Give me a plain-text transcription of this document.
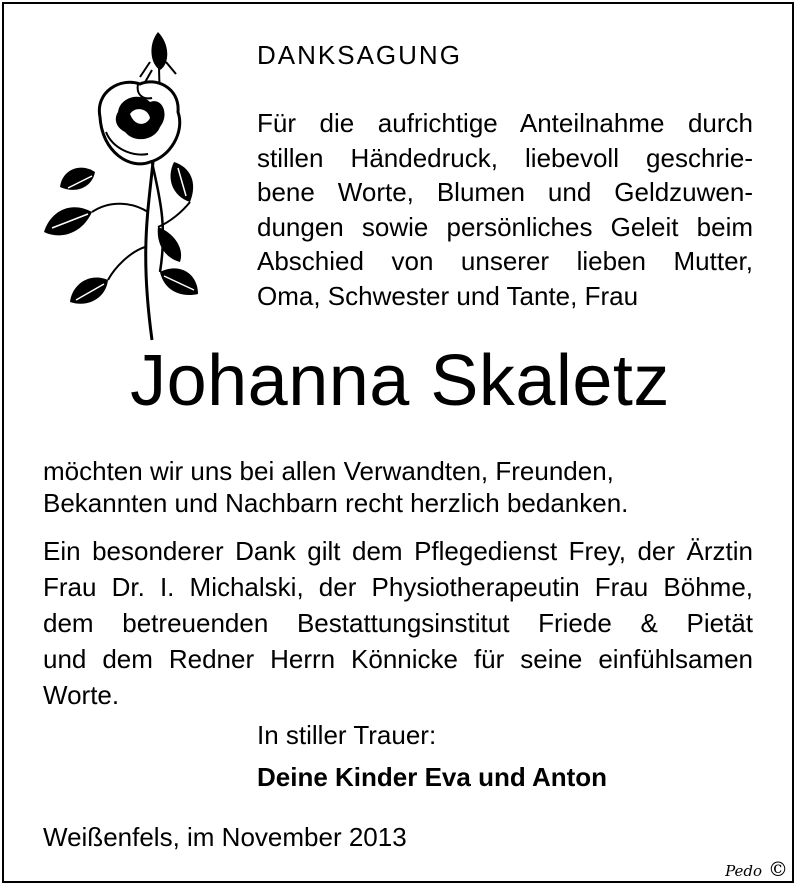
DANKSAGUNG
Für die aufrichtige Anteilnahme durch
stillen Händedruck, liebevoll geschrie-
bene Worte, Blumen und Geldzuwen-
dungen sowie persönliches Geleit beim
Abschied von unserer lieben Mutter,
Oma, Schwester und Tante, Frau
Johanna Skaletz
möchten wir uns bei allen Verwandten, Freunden,
Bekannten und Nachbarn recht herzlich bedanken.
Ein besonderer Dank gilt dem Pflegedienst Frey, der Ärztin
Frau Dr. I. Michalski, der Physiotherapeutin Frau Böhme,
dem betreuenden Bestattungsinstitut Friede & Pietät
und dem Redner Herrn Könnicke für seine einfühlsamen
Worte.
In stiller Trauer:
Deine Kinder Eva und Anton
Weißenfels, im November 2013
Pedo ©
